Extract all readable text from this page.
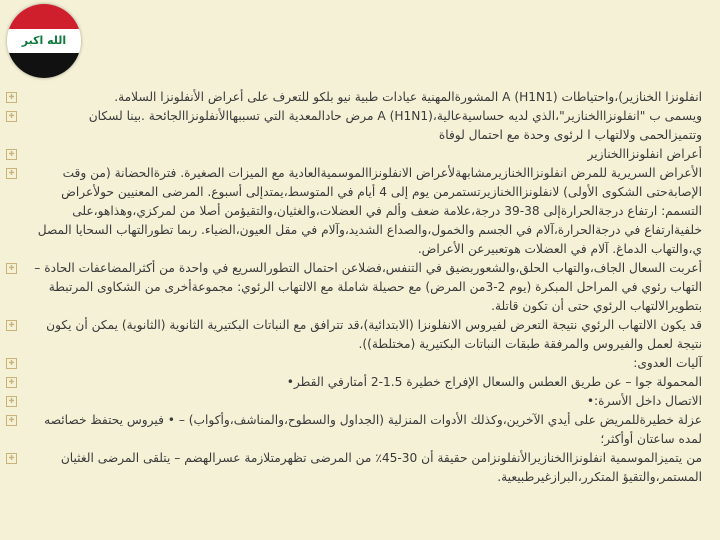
الله اكبر
✚	انفلونزا الخنازير)،واحتياطات (H1N1) A المشورةالمهنية عيادات طبية نيو بلكو للتعرف على أعراض الأنفلونزا السلامة.

✚	ويسمى ب "انفلونزاالخنازير"،الذي لديه حساسيةعالية،(H1N1) A مرض حادالمعدية التي تسببهاالأنفلونزاالجائحة .بينا لسكان وتتميزالحمى ولالتهاب ا لرئوى وحدة مع احتمال لوفاة

✚	أعراض انفلونزاالخنازير

✚	الأعراض السريرية للمرض انفلونزاالخنازيرمشابهةلأعراض الانفلونزاالموسميةالعادية مع الميزات الصغيرة. فترةالحضانة (من وقت الإصابةحتى الشكوى الأولى) لانفلونزاالخنازيرتستمرمن يوم إلى 4 أيام في المتوسط،يمتدإلى أسبوع. المرضى المعنيين حولأعراض التسمم: ارتفاع درجةالحرارةإلى 38-39 درجة،علامة ضعف وألم في العضلات،والغثيان،والتقيؤمن أصلا من لمركزي،وهذاهو،على خلفيةارتفاع في درجةالحرارة،آلام في الجسم والخمول،والصداع الشديد،وآلام في مقل العيون،الضياء. ربما تطورالتهاب السحايا المصل ي،والتهاب الدماغ. آلام في العضلات هوتعبيرعن الأعراض.

✚	أعربت السعال الجاف،والتهاب الحلق،والشعوربضيق في التنفس،فضلاعن احتمال التطورالسريع في واحدة من أكثرالمضاعفات الحادة – التهاب رئوي في المراحل المبكرة (يوم 2-3من المرض) مع حصيلة شاملة مع الالتهاب الرئوي: مجموعةأخرى من الشكاوى المرتبطة بتطويرالالتهاب الرئوي حتى أن تكون قاتلة.

✚	قد يكون الالتهاب الرئوي نتيجة التعرض لفيروس الانفلونزا (الابتدائية)،قد تترافق مع النباتات البكتيرية الثانوية (الثانوية) يمكن أن يكون نتيجة لعمل والفيروس والمرفقة طبقات النباتات البكتيرية (مختلطة)).

✚	آليات العدوى:

✚	المحمولة جوا – عن طريق العطس والسعال الإفراج خطيرة 1.5-2 أمتارفي القطر•

✚	الاتصال داخل الأسرة:•

✚	عزلة خطيرةللمريض على أيدي الآخرين،وكذلك الأدوات المنزلية (الجداول والسطوح،والمناشف،وأكواب) – • فيروس يحتفظ خصائصه لمده ساعتان أوأكثر؛

✚	من يتميزالموسمية انفلونزاالخنازيرالأنفلونزامن حقيقة أن 30-45٪ من المرضى تظهرمتلازمة عسرالهضم – يتلقى المرضى الغثيان المستمر،والتقيؤ المتكرر،البرازغيرطبيعية.
